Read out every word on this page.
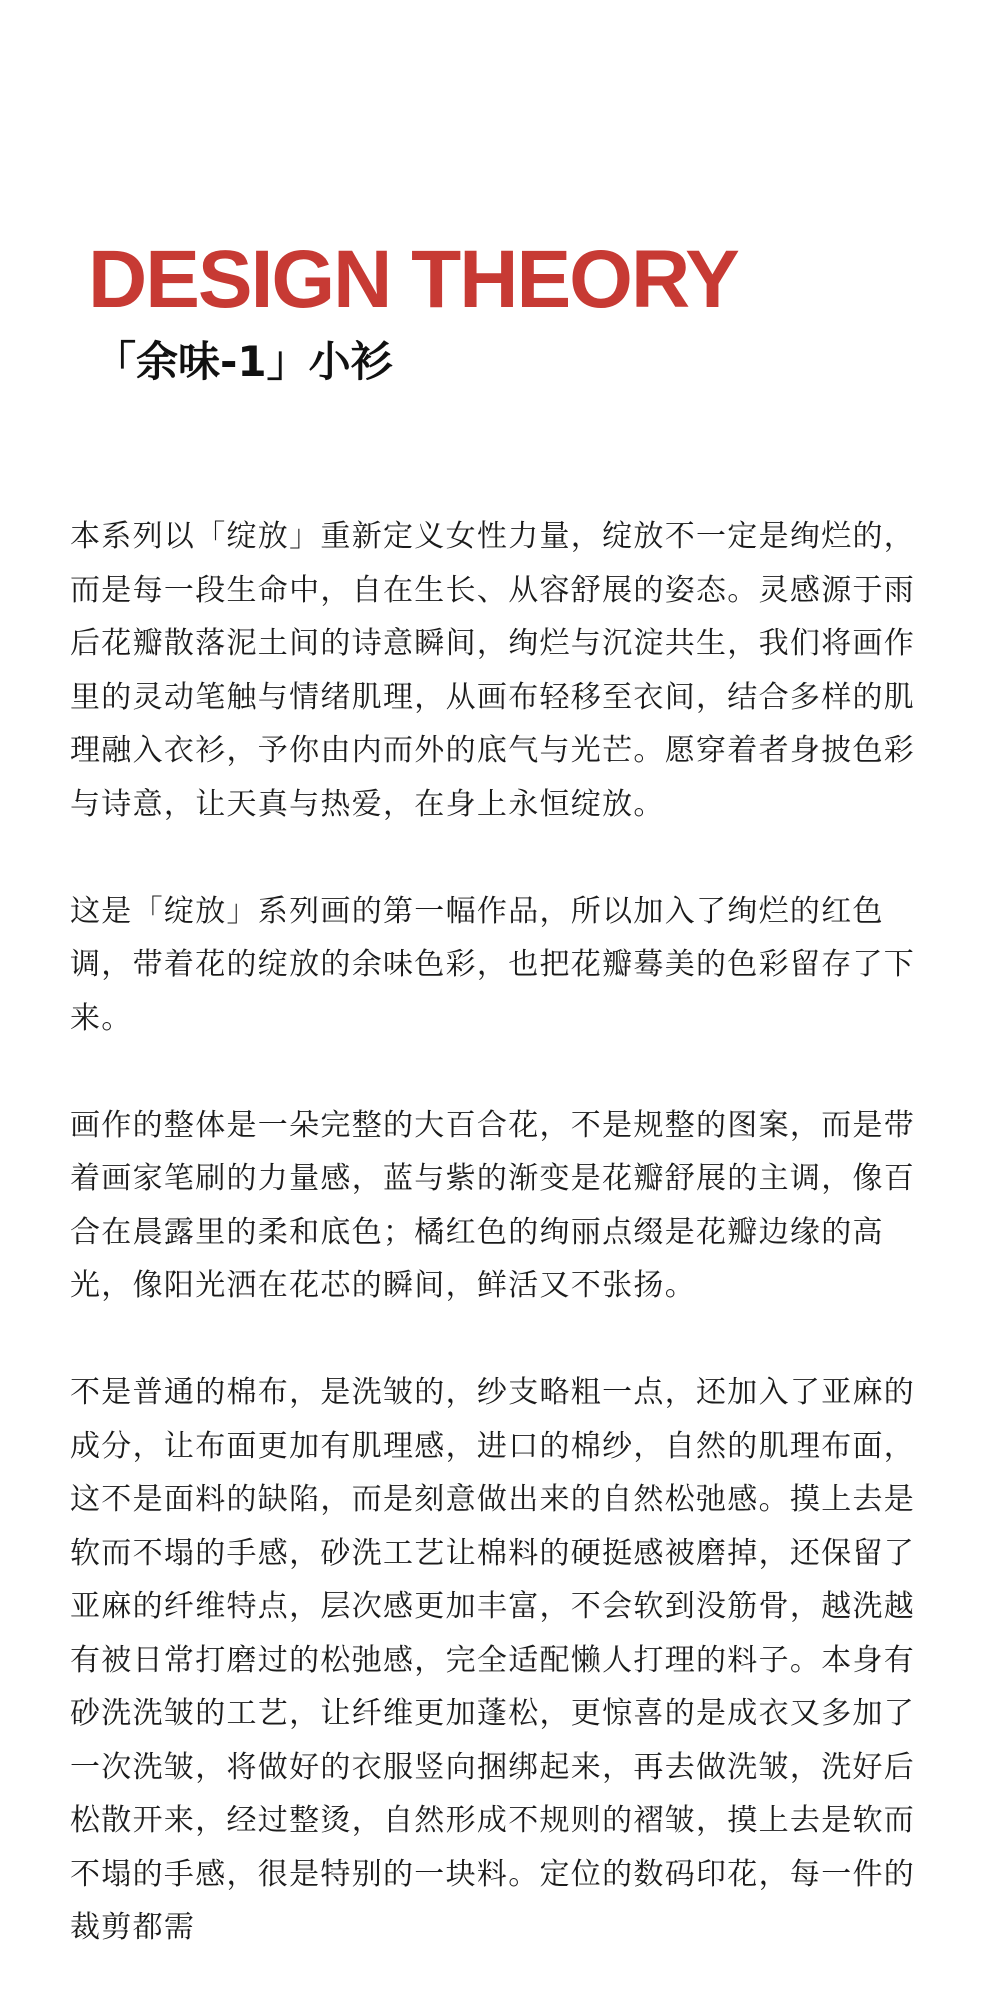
DESIGN THEORY
「余味-1」小衫

本系列以「绽放」重新定义女性力量，绽放不一定是绚烂的，而是每一段生命中，自在生长、从容舒展的姿态。灵感源于雨后花瓣散落泥土间的诗意瞬间，绚烂与沉淀共生，我们将画作里的灵动笔触与情绪肌理，从画布轻移至衣间，结合多样的肌理融入衣衫，予你由内而外的底气与光芒。愿穿着者身披色彩与诗意，让天真与热爱，在身上永恒绽放。

这是「绽放」系列画的第一幅作品，所以加入了绚烂的红色调，带着花的绽放的余味色彩，也把花瓣蓦美的色彩留存了下来。

画作的整体是一朵完整的大百合花，不是规整的图案，而是带着画家笔刷的力量感，蓝与紫的渐变是花瓣舒展的主调，像百合在晨露里的柔和底色；橘红色的绚丽点缀是花瓣边缘的高光，像阳光洒在花芯的瞬间，鲜活又不张扬。

不是普通的棉布，是洗皱的，纱支略粗一点，还加入了亚麻的成分，让布面更加有肌理感，进口的棉纱，自然的肌理布面，这不是面料的缺陷，而是刻意做出来的自然松弛感。摸上去是软而不塌的手感，砂洗工艺让棉料的硬挺感被磨掉，还保留了亚麻的纤维特点，层次感更加丰富，不会软到没筋骨，越洗越有被日常打磨过的松弛感，完全适配懒人打理的料子。本身有砂洗洗皱的工艺，让纤维更加蓬松，更惊喜的是成衣又多加了一次洗皱，将做好的衣服竖向捆绑起来，再去做洗皱，洗好后松散开来，经过整烫，自然形成不规则的褶皱，摸上去是软而不塌的手感，很是特别的一块料。定位的数码印花，每一件的裁剪都需
